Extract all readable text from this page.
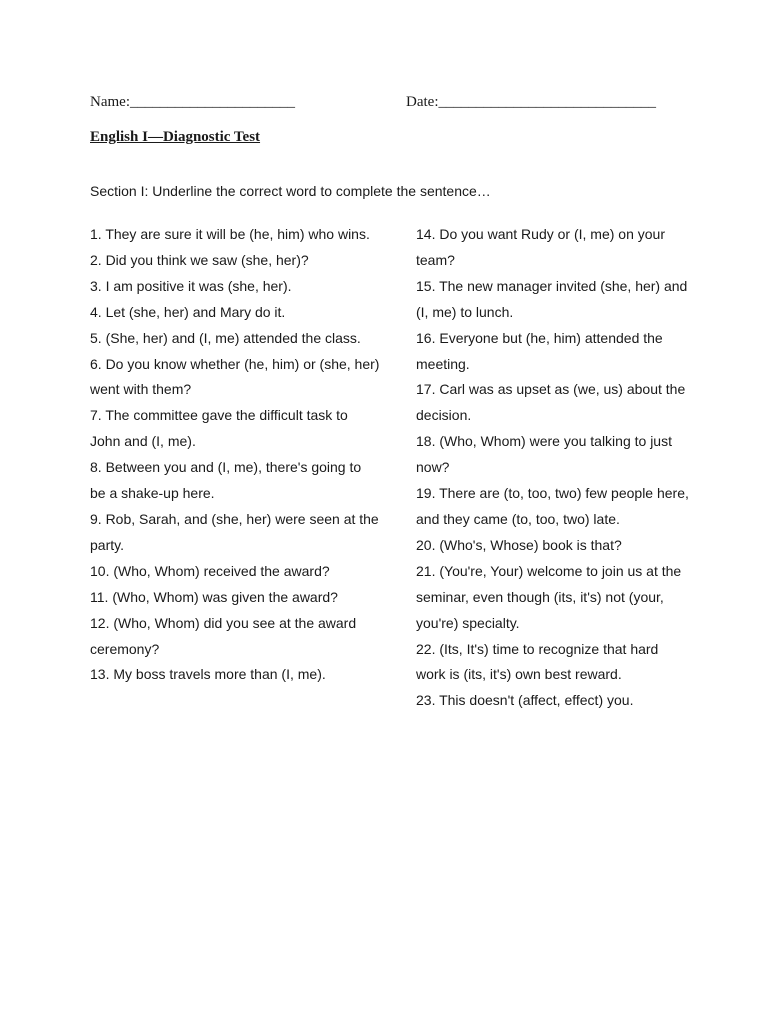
Name:______________________	Date:_____________________________
English I—Diagnostic Test
Section I: Underline the correct word to complete the sentence…
1. They are sure it will be (he, him) who wins.
2. Did you think we saw (she, her)?
3. I am positive it was (she, her).
4. Let (she, her) and Mary do it.
5. (She, her) and (I, me) attended the class.
6. Do you know whether (he, him) or (she, her) went with them?
7. The committee gave the difficult task to John and (I, me).
8. Between you and (I, me), there's going to be a shake-up here.
9. Rob, Sarah, and (she, her) were seen at the party.
10. (Who, Whom) received the award?
11. (Who, Whom) was given the award?
12. (Who, Whom) did you see at the award ceremony?
13. My boss travels more than (I, me).
14. Do you want Rudy or (I, me) on your team?
15. The new manager invited (she, her) and (I, me) to lunch.
16. Everyone but (he, him) attended the meeting.
17. Carl was as upset as (we, us) about the decision.
18. (Who, Whom) were you talking to just now?
19. There are (to, too, two) few people here, and they came (to, too, two) late.
20. (Who's, Whose) book is that?
21. (You're, Your) welcome to join us at the seminar, even though (its, it's) not (your, you're) specialty.
22. (Its, It's) time to recognize that hard work is (its, it's) own best reward.
23. This doesn't (affect, effect) you.
